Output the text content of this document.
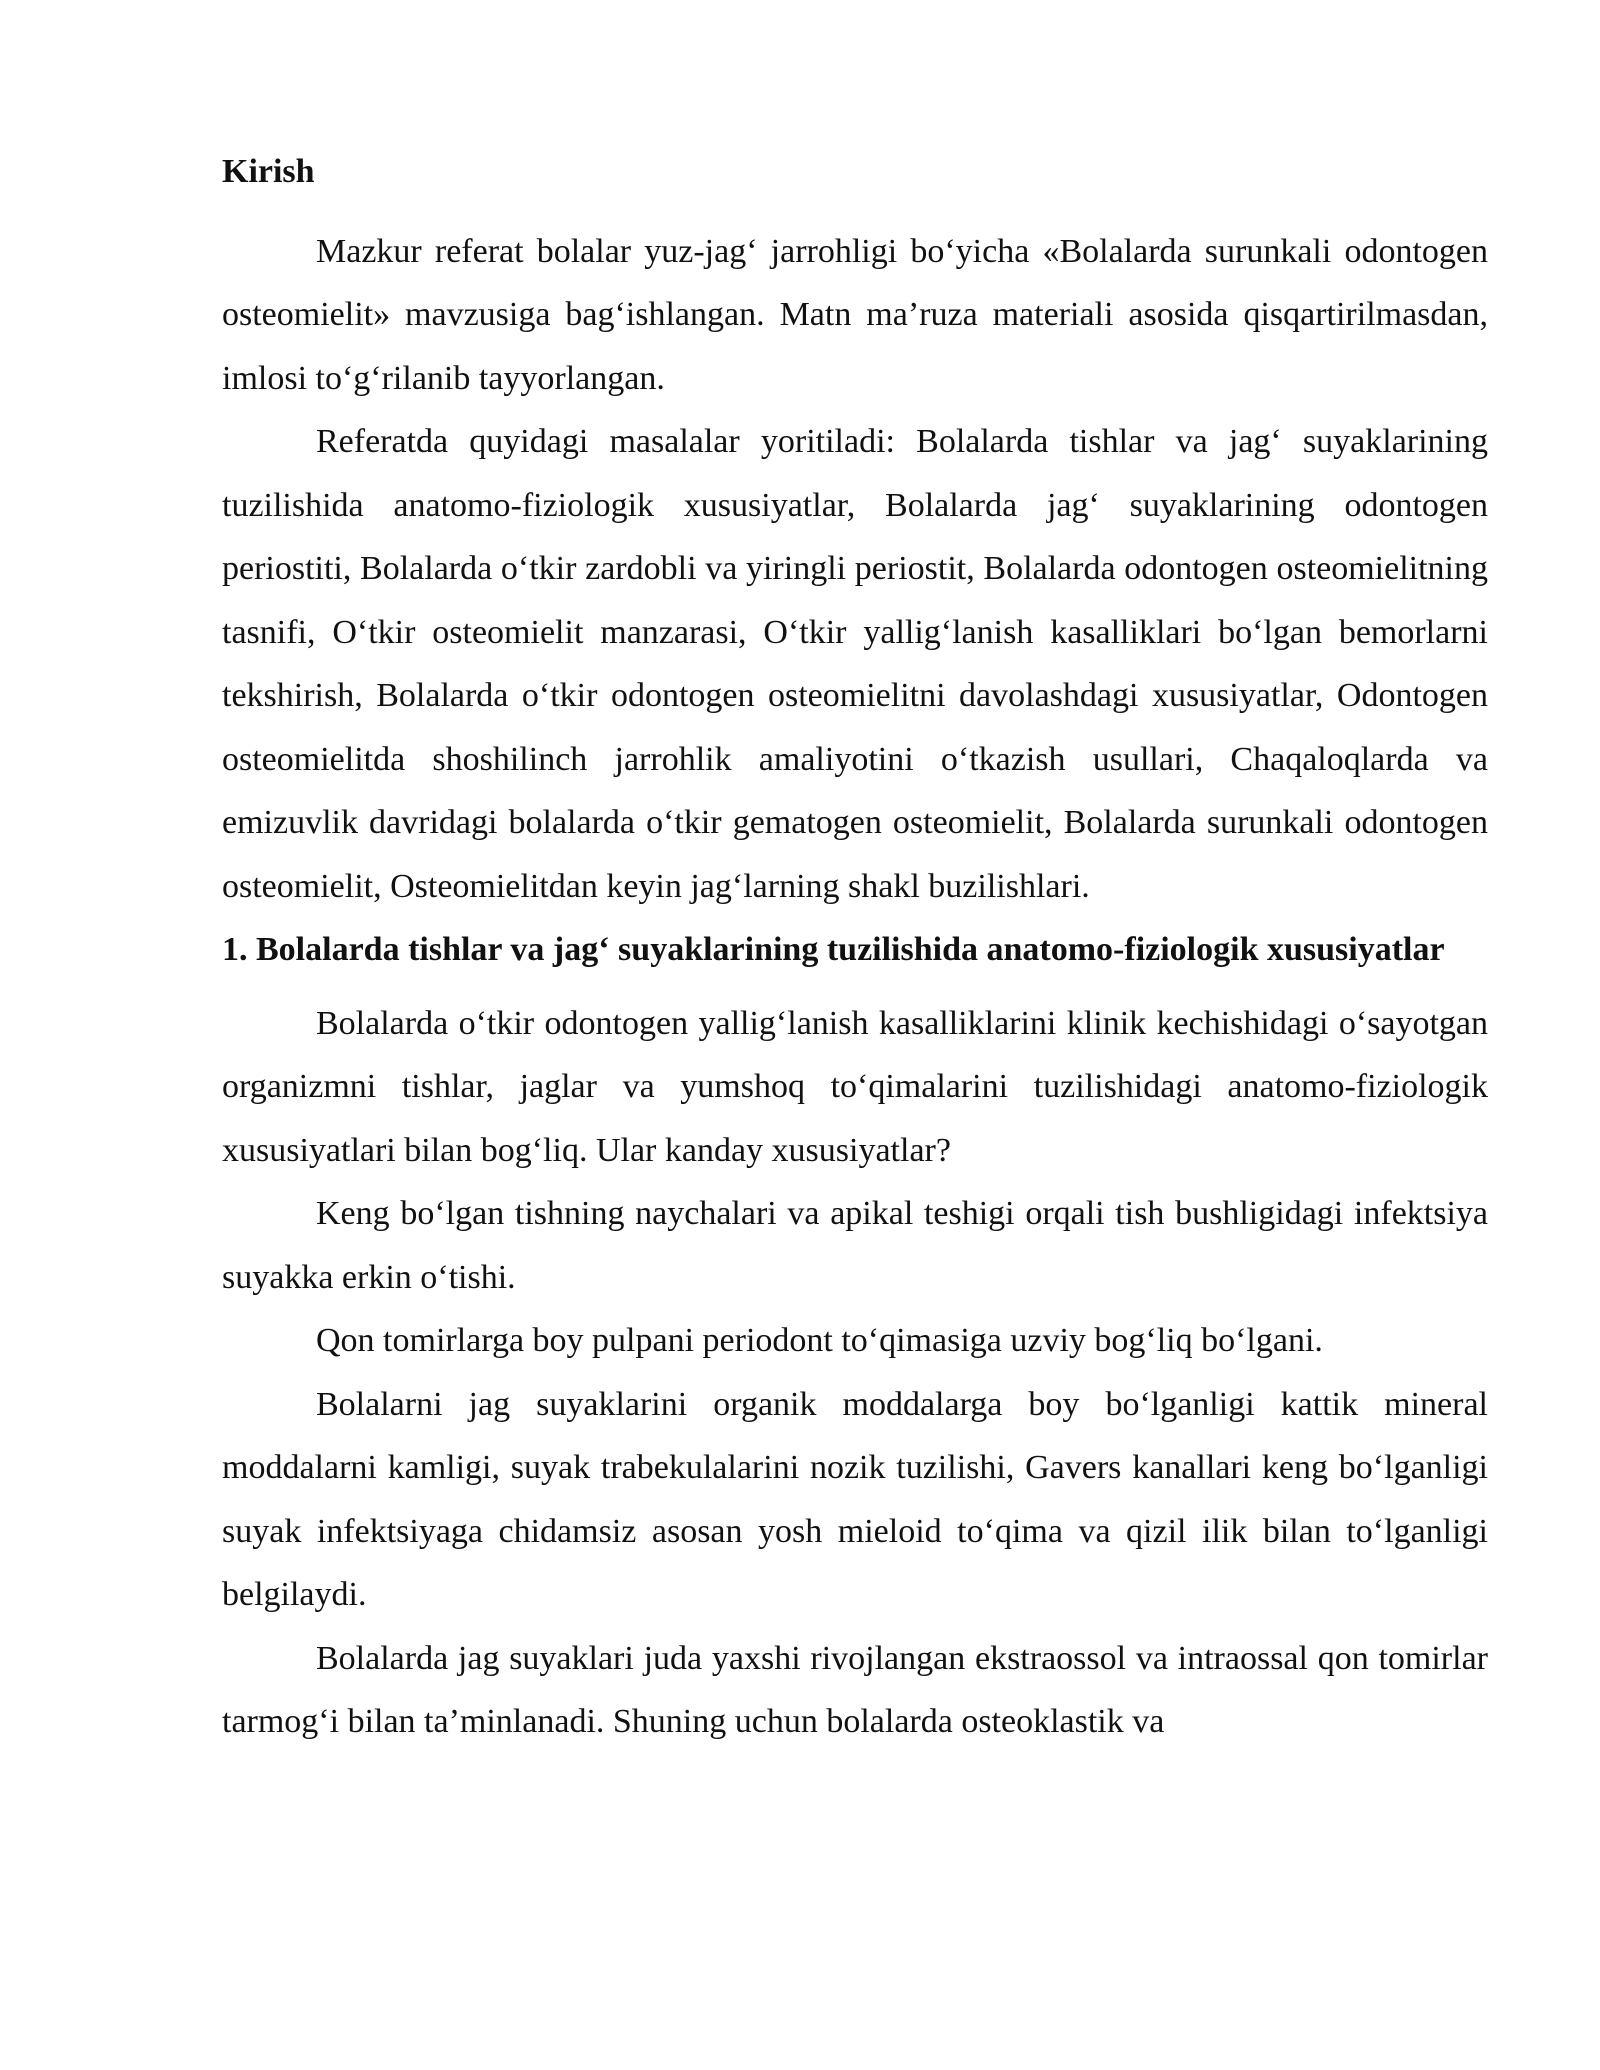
Kirish

Mazkur referat bolalar yuz-jag‘ jarrohligi bo‘yicha «Bolalarda surunkali odontogen osteomielit» mavzusiga bag‘ishlangan. Matn ma’ruza materiali asosida qisqartirilmasdan, imlosi to‘g‘rilanib tayyorlangan.

Referatda quyidagi masalalar yoritiladi: Bolalarda tishlar va jag‘ suyaklarining tuzilishida anatomo-fiziologik xususiyatlar, Bolalarda jag‘ suyaklarining odontogen periostiti, Bolalarda o‘tkir zardobli va yiringli periostit, Bolalarda odontogen osteomielitning tasnifi, O‘tkir osteomielit manzarasi, O‘tkir yallig‘lanish kasalliklari bo‘lgan bemorlarni tekshirish, Bolalarda o‘tkir odontogen osteomielitni davolashdagi xususiyatlar, Odontogen osteomielitda shoshilinch jarrohlik amaliyotini o‘tkazish usullari, Chaqaloqlarda va emizuvlik davridagi bolalarda o‘tkir gematogen osteomielit, Bolalarda surunkali odontogen osteomielit, Osteomielitdan keyin jag‘larning shakl buzilishlari.

1. Bolalarda tishlar va jag‘ suyaklarining tuzilishida anatomo-fiziologik xususiyatlar

Bolalarda o‘tkir odontogen yallig‘lanish kasalliklarini klinik kechishidagi o‘sayotgan organizmni tishlar, jaglar va yumshoq to‘qimalarini tuzilishidagi anatomo-fiziologik xususiyatlari bilan bog‘liq. Ular kanday xususiyatlar?

Keng bo‘lgan tishning naychalari va apikal teshigi orqali tish bushligidagi infektsiya suyakka erkin o‘tishi.

Qon tomirlarga boy pulpani periodont to‘qimasiga uzviy bog‘liq bo‘lgani.

Bolalarni jag suyaklarini organik moddalarga boy bo‘lganligi kattik mineral moddalarni kamligi, suyak trabekulalarini nozik tuzilishi, Gavers kanallari keng bo‘lganligi suyak infektsiyaga chidamsiz asosan yosh mieloid to‘qima va qizil ilik bilan to‘lganligi belgilaydi.

Bolalarda jag suyaklari juda yaxshi rivojlangan ekstraossol va intraossal qon tomirlar tarmog‘i bilan ta’minlanadi. Shuning uchun bolalarda osteoklastik va
